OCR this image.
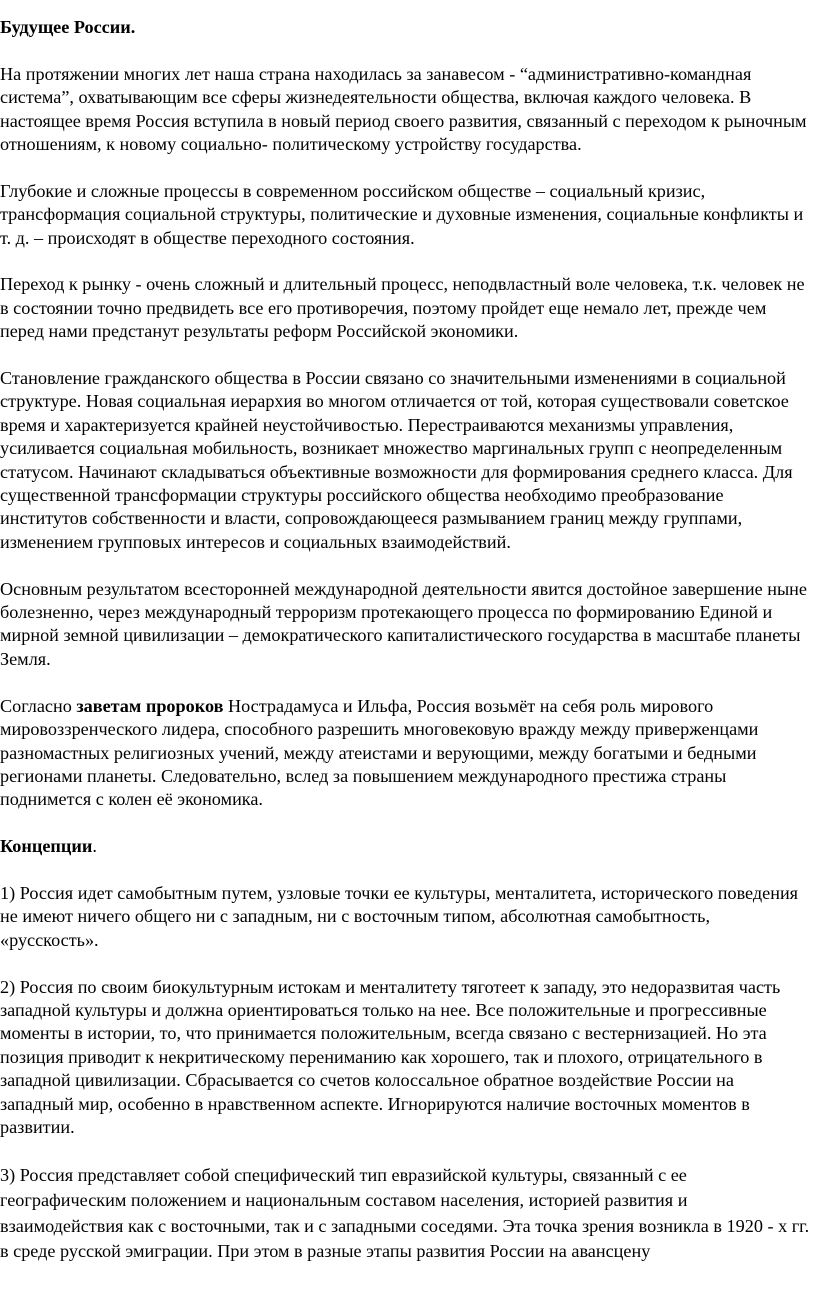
Будущее России.

На протяжении многих лет наша страна находилась за занавесом - “административно-командная система”, охватывающим все сферы жизнедеятельности общества, включая каждого человека. В настоящее время Россия вступила в новый период своего развития, связанный с переходом к рыночным отношениям, к новому социально- политическому устройству государства.

Глубокие и сложные процессы в современном российском обществе – социальный кризис, трансформация социальной структуры, политические и духовные изменения, социальные конфликты и т. д. – происходят в обществе переходного состояния.

Переход к рынку - очень сложный и длительный процесс, неподвластный воле человека, т.к. человек не в состоянии точно предвидеть все его противоречия, поэтому пройдет еще немало лет, прежде чем перед нами предстанут результаты реформ Российской экономики.

Становление гражданского общества в России связано со значительными изменениями в социальной структуре. Новая социальная иерархия во многом отличается от той, которая существовали советское время и характеризуется крайней неустойчивостью. Перестраиваются механизмы управления, усиливается социальная мобильность, возникает множество маргинальных групп с неопределенным статусом. Начинают складываться объективные возможности для формирования среднего класса. Для существенной трансформации структуры российского общества необходимо преобразование институтов собственности и власти, сопровождающееся размыванием границ между группами, изменением групповых интересов и социальных взаимодействий.

Основным результатом всесторонней международной деятельности явится достойное завершение ныне болезненно, через международный терроризм протекающего процесса по формированию Единой и мирной земной цивилизации – демократического капиталистического государства в масштабе планеты Земля.

Согласно заветам пророков Нострадамуса и Ильфа, Россия возьмёт на себя роль мирового мировоззренческого лидера, способного разрешить многовековую вражду между приверженцами разномастных религиозных учений, между атеистами и верующими, между богатыми и бедными регионами планеты. Следовательно, вслед за повышением международного престижа страны поднимется с колен её экономика.

Концепции.

1) Россия идет самобытным путем, узловые точки ее культуры, менталитета, исторического поведения не имеют ничего общего ни с западным, ни с восточным типом, абсолютная самобытность, «русскость».

2) Россия по своим биокультурным истокам и менталитету тяготеет к западу, это недоразвитая часть западной культуры и должна ориентироваться только на нее. Все положительные и прогрессивные моменты в истории, то, что принимается положительным, всегда связано с вестернизацией. Но эта позиция приводит к некритическому перениманию как хорошего, так и плохого, отрицательного в западной цивилизации. Сбрасывается со счетов колоссальное обратное воздействие России на западный мир, особенно в нравственном аспекте. Игнорируются наличие восточных моментов в развитии.

3) Россия представляет собой специфический тип евразийской культуры, связанный с ее географическим положением и национальным составом населения, историей развития и взаимодействия как с восточными, так и с западными соседями. Эта точка зрения возникла в 1920 - х гг. в среде русской эмиграции. При этом в разные этапы развития России на авансцену
